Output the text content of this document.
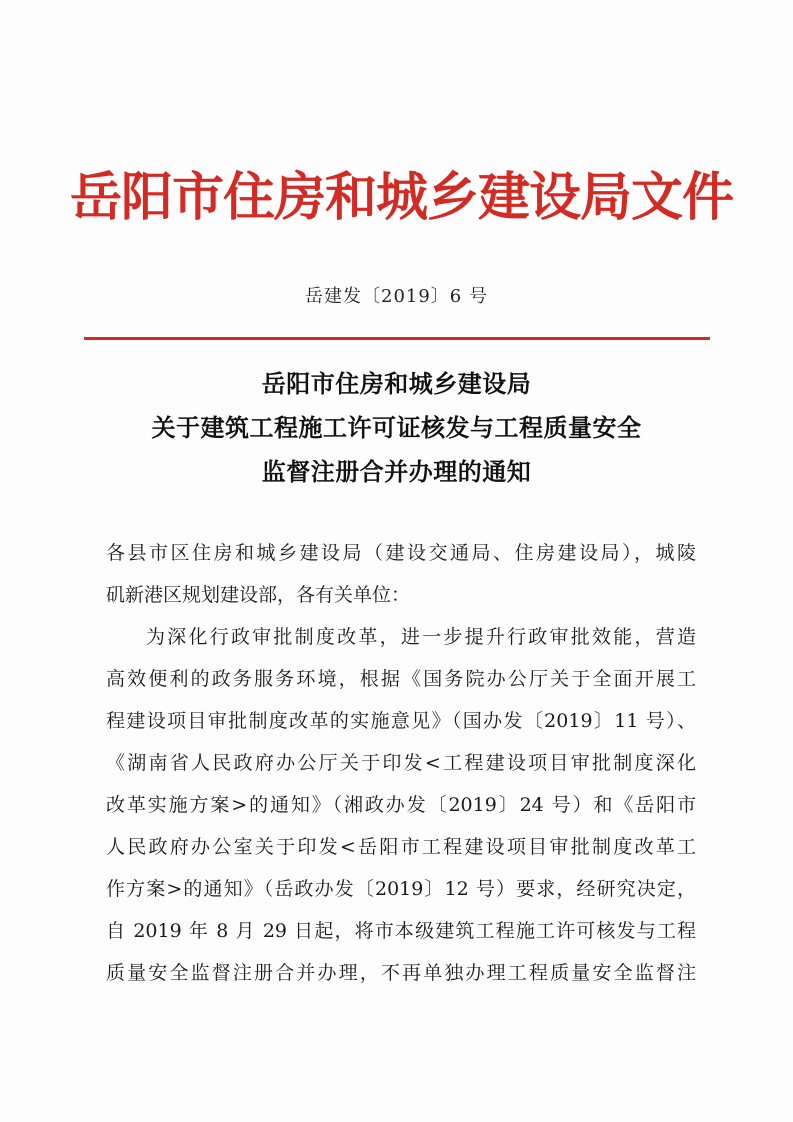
岳阳市住房和城乡建设局文件
岳建发〔2019〕6 号
岳阳市住房和城乡建设局
关于建筑工程施工许可证核发与工程质量安全
监督注册合并办理的通知
各县市区住房和城乡建设局（建设交通局、住房建设局），城陵
矶新港区规划建设部，各有关单位：
为深化行政审批制度改革，进一步提升行政审批效能，营造
高效便利的政务服务环境，根据《国务院办公厅关于全面开展工
程建设项目审批制度改革的实施意见》（国办发〔2019〕11 号）、
《湖南省人民政府办公厅关于印发<工程建设项目审批制度深化
改革实施方案>的通知》（湘政办发〔2019〕24 号）和《岳阳市
人民政府办公室关于印发<岳阳市工程建设项目审批制度改革工
作方案>的通知》（岳政办发〔2019〕12 号）要求，经研究决定，
自 2019 年 8 月 29 日起，将市本级建筑工程施工许可核发与工程
质量安全监督注册合并办理，不再单独办理工程质量安全监督注
